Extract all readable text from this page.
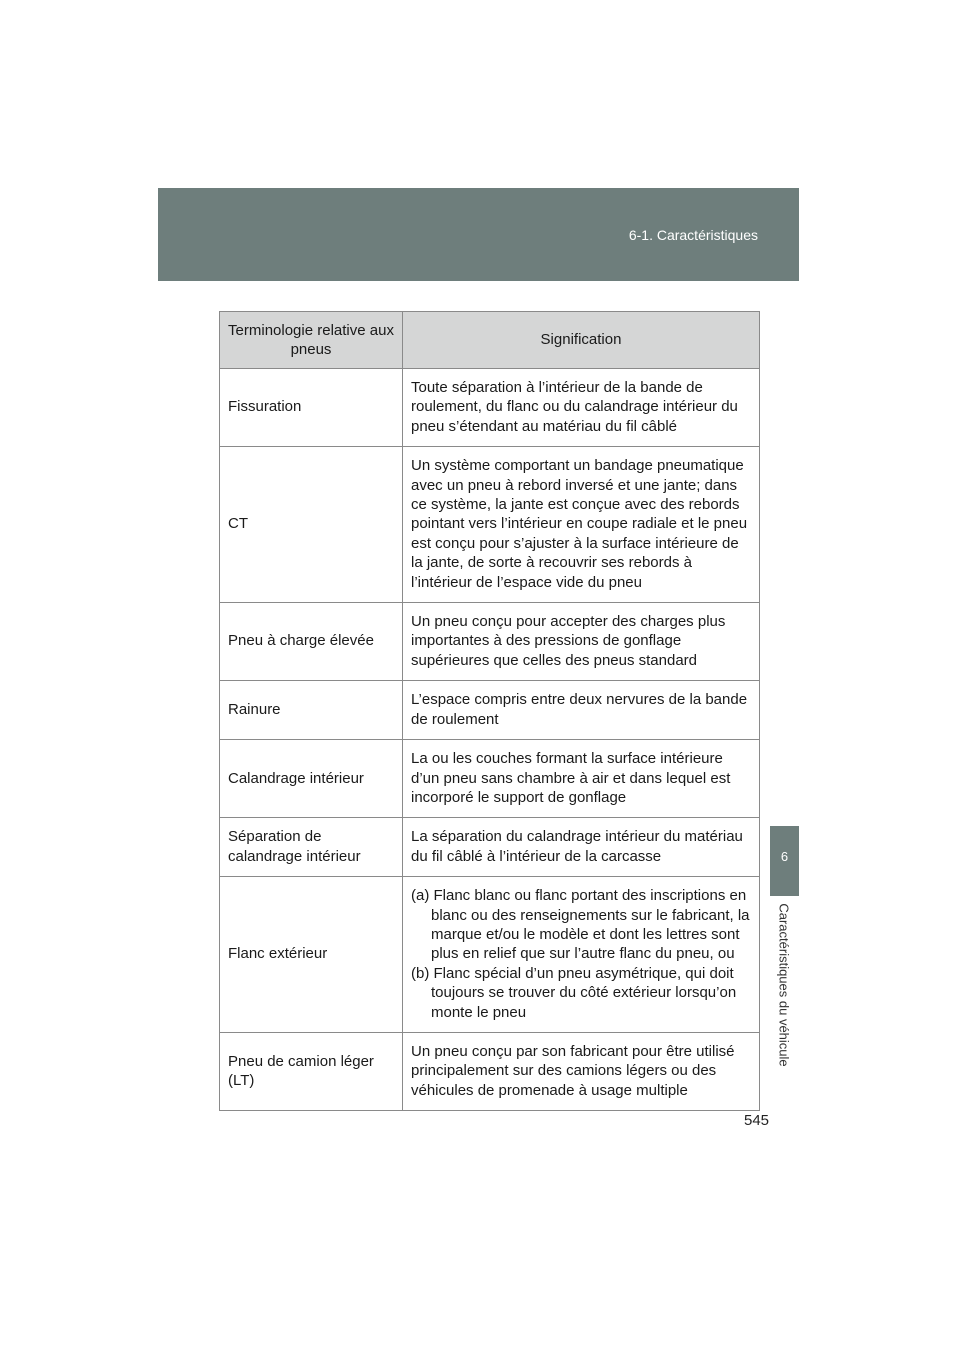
6-1. Caractéristiques
6
Caractéristiques du véhicule
Terminologie relative aux pneus	Signification
Fissuration	Toute séparation à l’intérieur de la bande de roulement, du flanc ou du calandrage intérieur du pneu s’étendant au matériau du fil câblé
CT	Un système comportant un bandage pneumatique avec un pneu à rebord inversé et une jante; dans ce système, la jante est conçue avec des rebords pointant vers l’intérieur en coupe radiale et le pneu est conçu pour s’ajuster à la surface intérieure de la jante, de sorte à recouvrir ses rebords à l’intérieur de l’espace vide du pneu
Pneu à charge élevée	Un pneu conçu pour accepter des charges plus importantes à des pressions de gonflage supérieures que celles des pneus standard
Rainure	L’espace compris entre deux nervures de la bande de roulement
Calandrage intérieur	La ou les couches formant la surface intérieure d’un pneu sans chambre à air et dans lequel est incorporé le support de gonflage
Séparation de calandrage intérieur	La séparation du calandrage intérieur du matériau du fil câblé à l’intérieur de la carcasse
Flanc extérieur	(a) Flanc blanc ou flanc portant des inscriptions en blanc ou des renseignements sur le fabricant, la marque et/ou le modèle et dont les lettres sont plus en relief que sur l’autre flanc du pneu, ou
(b) Flanc spécial d’un pneu asymétrique, qui doit toujours se trouver du côté extérieur lorsqu’on monte le pneu

Pneu de camion léger (LT)	Un pneu conçu par son fabricant pour être utilisé principalement sur des camions légers ou des véhicules de promenade à usage multiple
545
